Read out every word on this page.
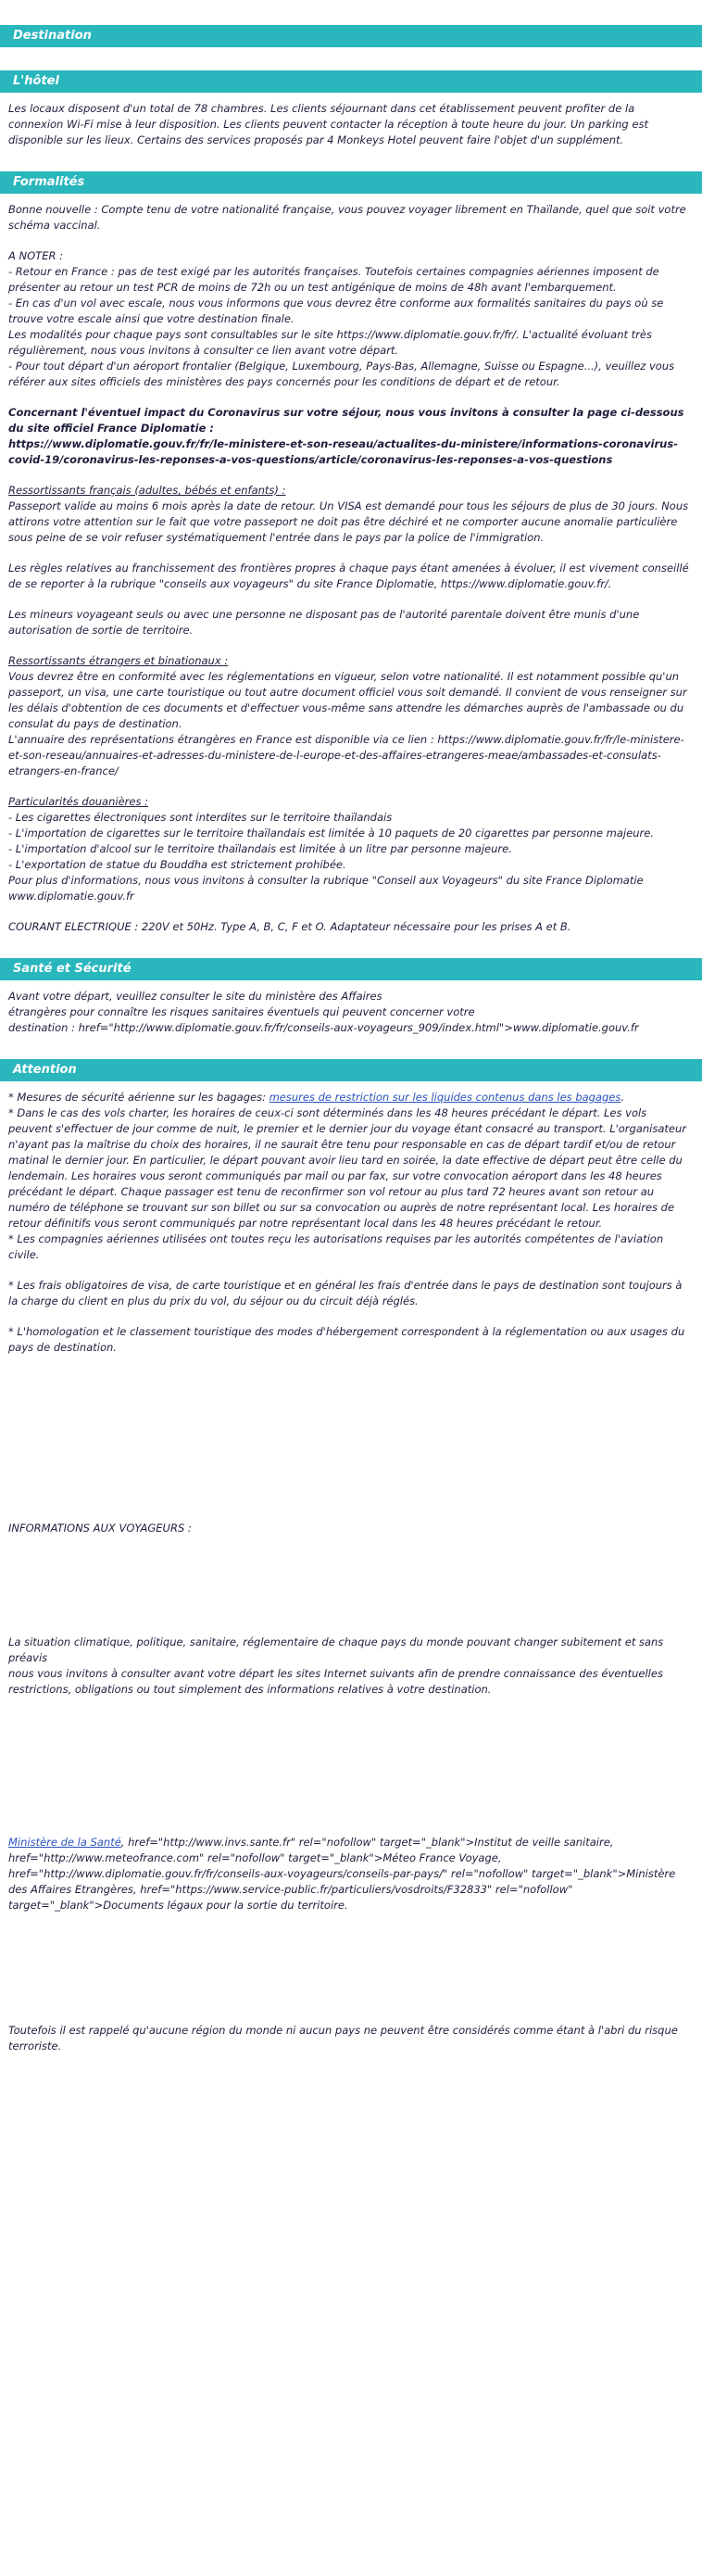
Destination
L'hôtel

Les locaux disposent d'un total de 78 chambres. Les clients séjournant dans cet établissement peuvent profiter de la connexion Wi-Fi mise à leur disposition. Les clients peuvent contacter la réception à toute heure du jour. Un parking est disponible sur les lieux. Certains des services proposés par 4 Monkeys Hotel peuvent faire l'objet d'un supplément.

Formalités

Bonne nouvelle : Compte tenu de votre nationalité française, vous pouvez voyager librement en Thaïlande, quel que soit votre schéma vaccinal.

A NOTER :

- Retour en France : pas de test exigé par les autorités françaises. Toutefois certaines compagnies aériennes imposent de présenter au retour un test PCR de moins de 72h ou un test antigénique de moins de 48h avant l'embarquement.

- En cas d'un vol avec escale, nous vous informons que vous devrez être conforme aux formalités sanitaires du pays où se trouve votre escale ainsi que votre destination finale.

Les modalités pour chaque pays sont consultables sur le site https://www.diplomatie.gouv.fr/fr/. L'actualité évoluant très régulièrement, nous vous invitons à consulter ce lien avant votre départ.

- Pour tout départ d'un aéroport frontalier (Belgique, Luxembourg, Pays-Bas, Allemagne, Suisse ou Espagne...), veuillez vous référer aux sites officiels des ministères des pays concernés pour les conditions de départ et de retour.

Concernant l'éventuel impact du Coronavirus sur votre séjour, nous vous invitons à consulter la page ci-dessous du site officiel France Diplomatie :

https://www.diplomatie.gouv.fr/fr/le-ministere-et-son-reseau/actualites-du-ministere/informations-coronavirus-covid-19/coronavirus-les-reponses-a-vos-questions/article/coronavirus-les-reponses-a-vos-questions

Ressortissants français (adultes, bébés et enfants) :

Passeport valide au moins 6 mois après la date de retour. Un VISA est demandé pour tous les séjours de plus de 30 jours. Nous attirons votre attention sur le fait que votre passeport ne doit pas être déchiré et ne comporter aucune anomalie particulière sous peine de se voir refuser systématiquement l'entrée dans le pays par la police de l'immigration.

Les règles relatives au franchissement des frontières propres à chaque pays étant amenées à évoluer, il est vivement conseillé de se reporter à la rubrique "conseils aux voyageurs" du site France Diplomatie, https://www.diplomatie.gouv.fr/.

Les mineurs voyageant seuls ou avec une personne ne disposant pas de l'autorité parentale doivent être munis d'une autorisation de sortie de territoire.

Ressortissants étrangers et binationaux :

Vous devrez être en conformité avec les réglementations en vigueur, selon votre nationalité. Il est notamment possible qu'un passeport, un visa, une carte touristique ou tout autre document officiel vous soit demandé. Il convient de vous renseigner sur les délais d'obtention de ces documents et d'effectuer vous-même sans attendre les démarches auprès de l'ambassade ou du consulat du pays de destination.

L'annuaire des représentations étrangères en France est disponible via ce lien : https://www.diplomatie.gouv.fr/fr/le-ministere-et-son-reseau/annuaires-et-adresses-du-ministere-de-l-europe-et-des-affaires-etrangeres-meae/ambassades-et-consulats-etrangers-en-france/

Particularités douanières :

- Les cigarettes électroniques sont interdites sur le territoire thaïlandais

- L'importation de cigarettes sur le territoire thaïlandais est limitée à 10 paquets de 20 cigarettes par personne majeure.

- L'importation d'alcool sur le territoire thaïlandais est limitée à un litre par personne majeure.

- L'exportation de statue du Bouddha est strictement prohibée.

Pour plus d'informations, nous vous invitons à consulter la rubrique "Conseil aux Voyageurs" du site France Diplomatie www.diplomatie.gouv.fr

COURANT ELECTRIQUE : 220V et 50Hz. Type A, B, C, F et O. Adaptateur nécessaire pour les prises A et B.

Santé et Sécurité

Avant votre départ, veuillez consulter le site du ministère des Affaires

étrangères pour connaître les risques sanitaires éventuels qui peuvent concerner votre

destination : href="http://www.diplomatie.gouv.fr/fr/conseils-aux-voyageurs_909/index.html">www.diplomatie.gouv.fr

Attention

* Mesures de sécurité aérienne sur les bagages: mesures de restriction sur les liquides contenus dans les bagages.

* Dans le cas des vols charter, les horaires de ceux-ci sont déterminés dans les 48 heures précédant le départ. Les vols peuvent s'effectuer de jour comme de nuit, le premier et le dernier jour du voyage étant consacré au transport. L'organisateur n'ayant pas la maîtrise du choix des horaires, il ne saurait être tenu pour responsable en cas de départ tardif et/ou de retour matinal le dernier jour. En particulier, le départ pouvant avoir lieu tard en soirée, la date effective de départ peut être celle du lendemain. Les horaires vous seront communiqués par mail ou par fax, sur votre convocation aéroport dans les 48 heures précédant le départ. Chaque passager est tenu de reconfirmer son vol retour au plus tard 72 heures avant son retour au numéro de téléphone se trouvant sur son billet ou sur sa convocation ou auprès de notre représentant local. Les horaires de retour définitifs vous seront communiqués par notre représentant local dans les 48 heures précédant le retour.

* Les compagnies aériennes utilisées ont toutes reçu les autorisations requises par les autorités compétentes de l'aviation civile.

* Les frais obligatoires de visa, de carte touristique et en général les frais d'entrée dans le pays de destination sont toujours à la charge du client en plus du prix du vol, du séjour ou du circuit déjà réglés.

* L'homologation et le classement touristique des modes d'hébergement correspondent à la réglementation ou aux usages du pays de destination.

INFORMATIONS AUX VOYAGEURS :

La situation climatique, politique, sanitaire, réglementaire de chaque pays du monde pouvant changer subitement et sans préavis

nous vous invitons à consulter avant votre départ les sites Internet suivants afin de prendre connaissance des éventuelles restrictions, obligations ou tout simplement des informations relatives à votre destination.

Ministère de la Santé, href="http://www.invs.sante.fr" rel="nofollow" target="_blank">Institut de veille sanitaire, href="http://www.meteofrance.com" rel="nofollow" target="_blank">Méteo France Voyage, href="http://www.diplomatie.gouv.fr/fr/conseils-aux-voyageurs/conseils-par-pays/" rel="nofollow" target="_blank">Ministère des Affaires Etrangères, href="https://www.service-public.fr/particuliers/vosdroits/F32833" rel="nofollow" target="_blank">Documents légaux pour la sortie du territoire.

Toutefois il est rappelé qu'aucune région du monde ni aucun pays ne peuvent être considérés comme étant à l'abri du risque terroriste.
